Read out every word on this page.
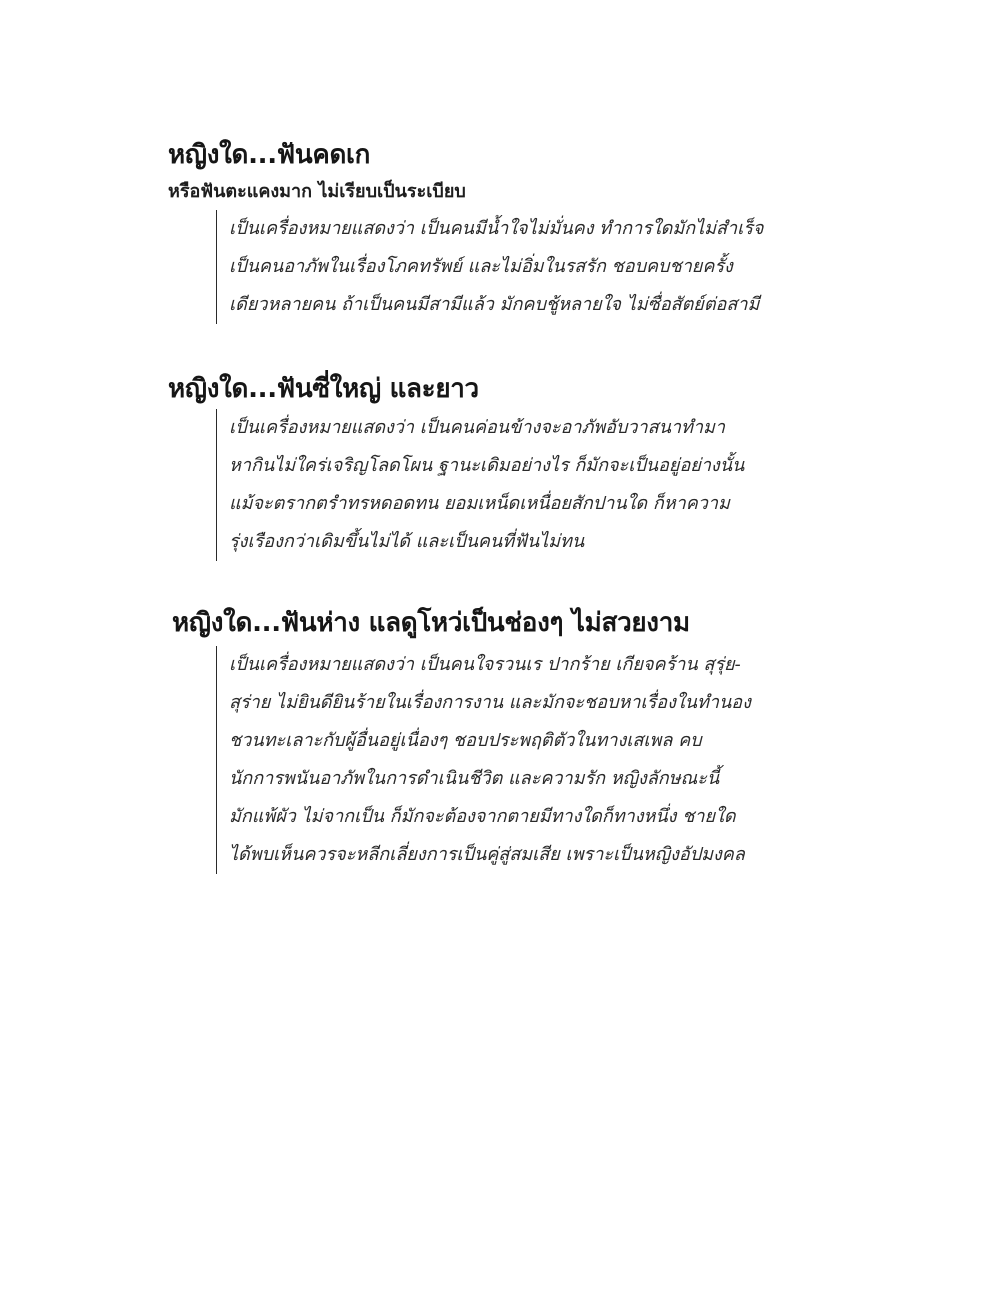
หญิงใด...ฟันคดเก
หรือฟันตะแคงมาก ไม่เรียบเป็นระเบียบ
เป็นเครื่องหมายแสดงว่า เป็นคนมีน้ำใจไม่มั่นคง ทำการใดมักไม่สำเร็จ
เป็นคนอาภัพในเรื่องโภคทรัพย์ และไม่อิ่มในรสรัก ชอบคบชายครั้ง
เดียวหลายคน ถ้าเป็นคนมีสามีแล้ว มักคบชู้หลายใจ ไม่ซื่อสัตย์ต่อสามี
หญิงใด...ฟันซี่ใหญ่ และยาว
เป็นเครื่องหมายแสดงว่า เป็นคนค่อนข้างจะอาภัพอับวาสนาทำมา
หากินไม่ใคร่เจริญโลดโผน ฐานะเดิมอย่างไร ก็มักจะเป็นอยู่อย่างนั้น
แม้จะตรากตรำทรหดอดทน ยอมเหน็ดเหนื่อยสักปานใด ก็หาความ
รุ่งเรืองกว่าเดิมขึ้นไม่ได้ และเป็นคนที่ฟันไม่ทน
หญิงใด...ฟันห่าง แลดูโหว่เป็นช่องๆ ไม่สวยงาม
เป็นเครื่องหมายแสดงว่า เป็นคนใจรวนเร ปากร้าย เกียจคร้าน สุรุ่ย-
สุร่าย ไม่ยินดียินร้ายในเรื่องการงาน และมักจะชอบหาเรื่องในทำนอง
ชวนทะเลาะกับผู้อื่นอยู่เนื่องๆ ชอบประพฤติตัวในทางเสเพล คบ
นักการพนันอาภัพในการดำเนินชีวิต และความรัก หญิงลักษณะนี้
มักแพ้ผัว ไม่จากเป็น ก็มักจะต้องจากตายมีทางใดก็ทางหนึ่ง ชายใด
ได้พบเห็นควรจะหลีกเลี่ยงการเป็นคู่สู่สมเสีย เพราะเป็นหญิงอัปมงคล
